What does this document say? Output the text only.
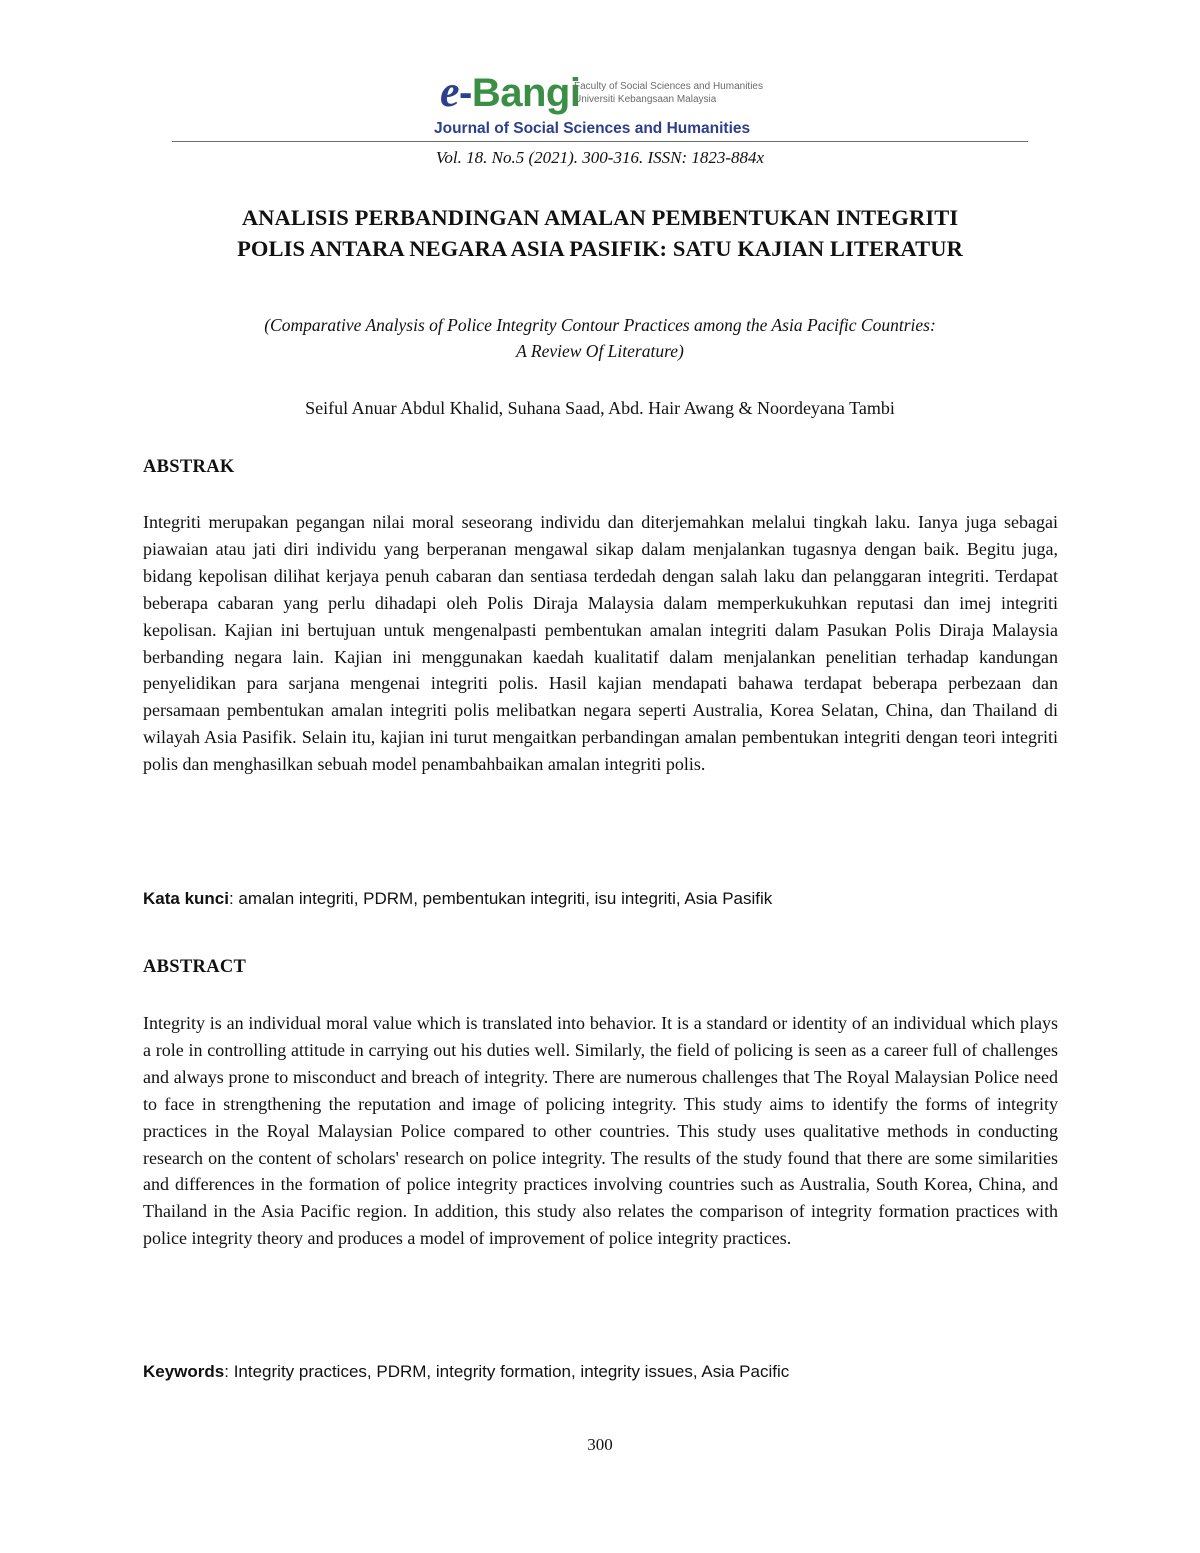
e-Bangi
Faculty of Social Sciences and Humanities
Universiti Kebangsaan Malaysia
Journal of Social Sciences and Humanities
Vol. 18. No.5 (2021). 300-316. ISSN: 1823-884x
ANALISIS PERBANDINGAN AMALAN PEMBENTUKAN INTEGRITI
POLIS ANTARA NEGARA ASIA PASIFIK: SATU KAJIAN LITERATUR
(Comparative Analysis of Police Integrity Contour Practices among the Asia Pacific Countries:
A Review Of Literature)
Seiful Anuar Abdul Khalid, Suhana Saad, Abd. Hair Awang & Noordeyana Tambi
ABSTRAK

Integriti merupakan pegangan nilai moral seseorang individu dan diterjemahkan melalui tingkah laku. Ianya juga sebagai piawaian atau jati diri individu yang berperanan mengawal sikap dalam menjalankan tugasnya dengan baik. Begitu juga, bidang kepolisan dilihat kerjaya penuh cabaran dan sentiasa terdedah dengan salah laku dan pelanggaran integriti. Terdapat beberapa cabaran yang perlu dihadapi oleh Polis Diraja Malaysia dalam memperkukuhkan reputasi dan imej integriti kepolisan. Kajian ini bertujuan untuk mengenalpasti pembentukan amalan integriti dalam Pasukan Polis Diraja Malaysia berbanding negara lain. Kajian ini menggunakan kaedah kualitatif dalam menjalankan penelitian terhadap kandungan penyelidikan para sarjana mengenai integriti polis. Hasil kajian mendapati bahawa terdapat beberapa perbezaan dan persamaan pembentukan amalan integriti polis melibatkan negara seperti Australia, Korea Selatan, China, dan Thailand di wilayah Asia Pasifik. Selain itu, kajian ini turut mengaitkan perbandingan amalan pembentukan integriti dengan teori integriti polis dan menghasilkan sebuah model penambahbaikan amalan integriti polis.

Kata kunci: amalan integriti, PDRM, pembentukan integriti, isu integriti, Asia Pasifik

ABSTRACT

Integrity is an individual moral value which is translated into behavior. It is a standard or identity of an individual which plays a role in controlling attitude in carrying out his duties well. Similarly, the field of policing is seen as a career full of challenges and always prone to misconduct and breach of integrity. There are numerous challenges that The Royal Malaysian Police need to face in strengthening the reputation and image of policing integrity. This study aims to identify the forms of integrity practices in the Royal Malaysian Police compared to other countries. This study uses qualitative methods in conducting research on the content of scholars' research on police integrity. The results of the study found that there are some similarities and differences in the formation of police integrity practices involving countries such as Australia, South Korea, China, and Thailand in the Asia Pacific region. In addition, this study also relates the comparison of integrity formation practices with police integrity theory and produces a model of improvement of police integrity practices.

Keywords: Integrity practices, PDRM, integrity formation, integrity issues, Asia Pacific

300
